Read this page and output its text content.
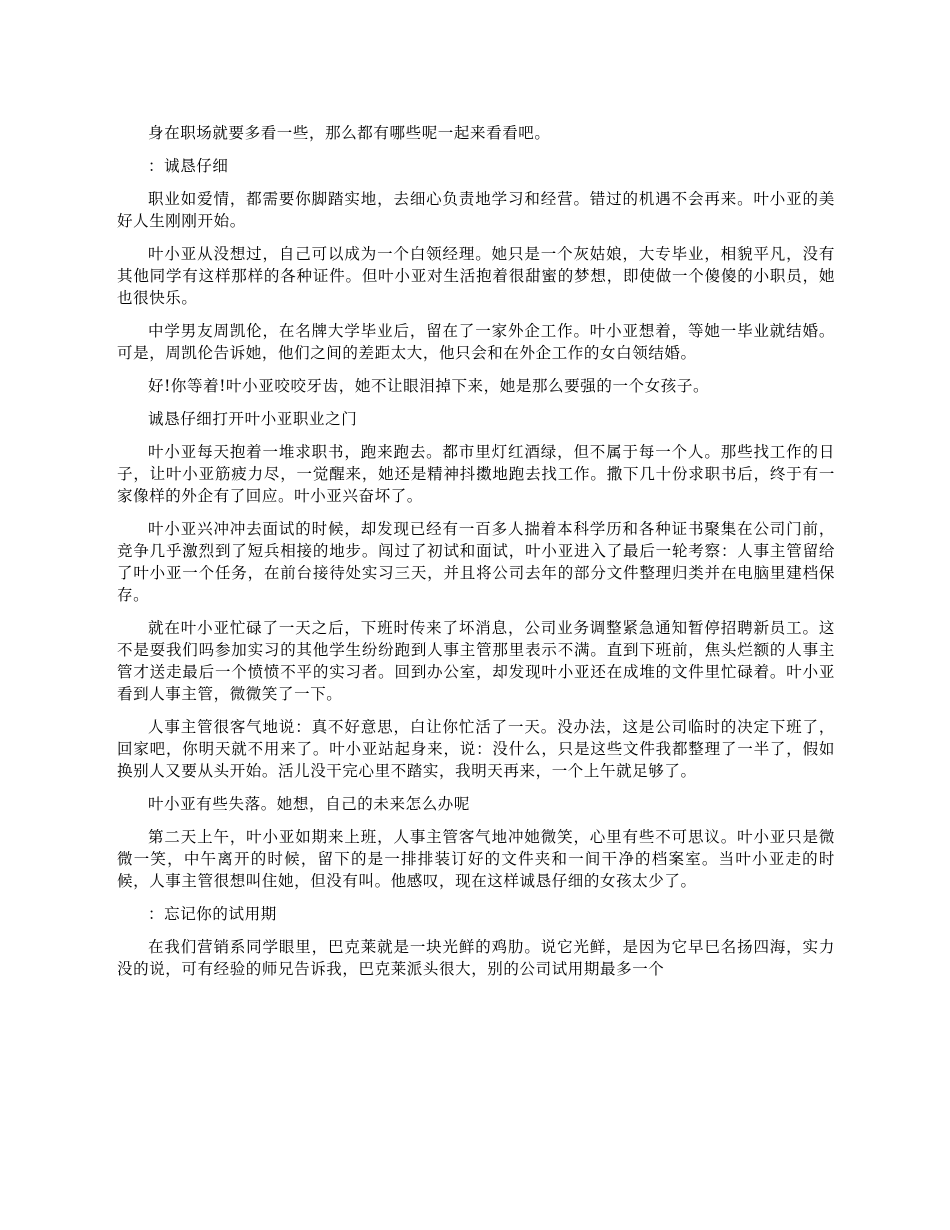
身在职场就要多看一些，那么都有哪些呢一起来看看吧。

：诚恳仔细

职业如爱情，都需要你脚踏实地，去细心负责地学习和经营。错过的机遇不会再来。叶小亚的美好人生刚刚开始。

叶小亚从没想过，自己可以成为一个白领经理。她只是一个灰姑娘，大专毕业，相貌平凡，没有其他同学有这样那样的各种证件。但叶小亚对生活抱着很甜蜜的梦想，即使做一个傻傻的小职员，她也很快乐。

中学男友周凯伦，在名牌大学毕业后，留在了一家外企工作。叶小亚想着，等她一毕业就结婚。可是，周凯伦告诉她，他们之间的差距太大，他只会和在外企工作的女白领结婚。

好!你等着!叶小亚咬咬牙齿，她不让眼泪掉下来，她是那么要强的一个女孩子。

诚恳仔细打开叶小亚职业之门

叶小亚每天抱着一堆求职书，跑来跑去。都市里灯红酒绿，但不属于每一个人。那些找工作的日子，让叶小亚筋疲力尽，一觉醒来，她还是精神抖擞地跑去找工作。撒下几十份求职书后，终于有一家像样的外企有了回应。叶小亚兴奋坏了。

叶小亚兴冲冲去面试的时候，却发现已经有一百多人揣着本科学历和各种证书聚集在公司门前，竞争几乎激烈到了短兵相接的地步。闯过了初试和面试，叶小亚进入了最后一轮考察：人事主管留给了叶小亚一个任务，在前台接待处实习三天，并且将公司去年的部分文件整理归类并在电脑里建档保存。

就在叶小亚忙碌了一天之后，下班时传来了坏消息，公司业务调整紧急通知暂停招聘新员工。这不是耍我们吗参加实习的其他学生纷纷跑到人事主管那里表示不满。直到下班前，焦头烂额的人事主管才送走最后一个愤愤不平的实习者。回到办公室，却发现叶小亚还在成堆的文件里忙碌着。叶小亚看到人事主管，微微笑了一下。

人事主管很客气地说：真不好意思，白让你忙活了一天。没办法，这是公司临时的决定下班了，回家吧，你明天就不用来了。叶小亚站起身来，说：没什么，只是这些文件我都整理了一半了，假如换别人又要从头开始。活儿没干完心里不踏实，我明天再来，一个上午就足够了。

叶小亚有些失落。她想，自己的未来怎么办呢

第二天上午，叶小亚如期来上班，人事主管客气地冲她微笑，心里有些不可思议。叶小亚只是微微一笑，中午离开的时候，留下的是一排排装订好的文件夹和一间干净的档案室。当叶小亚走的时候，人事主管很想叫住她，但没有叫。他感叹，现在这样诚恳仔细的女孩太少了。

：忘记你的试用期

在我们营销系同学眼里，巴克莱就是一块光鲜的鸡肋。说它光鲜，是因为它早巳名扬四海，实力没的说，可有经验的师兄告诉我，巴克莱派头很大，别的公司试用期最多一个
